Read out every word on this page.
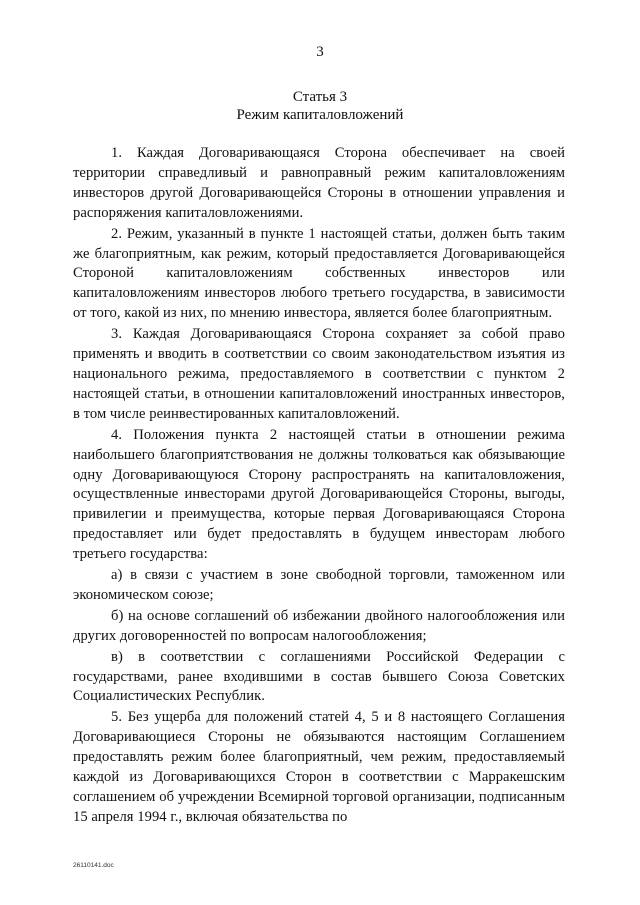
3
Статья 3
Режим капиталовложений

1. Каждая Договаривающаяся Сторона обеспечивает на своей территории справедливый и равноправный режим капиталовложениям инвесторов другой Договаривающейся Стороны в отношении управления и распоряжения капиталовложениями.

2. Режим, указанный в пункте 1 настоящей статьи, должен быть таким же благоприятным, как режим, который предоставляется Договаривающейся Стороной капиталовложениям собственных инвесторов или капиталовложениям инвесторов любого третьего государства, в зависимости от того, какой из них, по мнению инвестора, является более благоприятным.

3. Каждая Договаривающаяся Сторона сохраняет за собой право применять и вводить в соответствии со своим законодательством изъятия из национального режима, предоставляемого в соответствии с пунктом 2 настоящей статьи, в отношении капиталовложений иностранных инвесторов, в том числе реинвестированных капиталовложений.

4. Положения пункта 2 настоящей статьи в отношении режима наибольшего благоприятствования не должны толковаться как обязывающие одну Договаривающуюся Сторону распространять на капиталовложения, осуществленные инвесторами другой Договаривающейся Стороны, выгоды, привилегии и преимущества, которые первая Договаривающаяся Сторона предоставляет или будет предоставлять в будущем инвесторам любого третьего государства:

а) в связи с участием в зоне свободной торговли, таможенном или экономическом союзе;

б) на основе соглашений об избежании двойного налогообложения или других договоренностей по вопросам налогообложения;

в) в соответствии с соглашениями Российской Федерации с государствами, ранее входившими в состав бывшего Союза Советских Социалистических Республик.

5. Без ущерба для положений статей 4, 5 и 8 настоящего Соглашения Договаривающиеся Стороны не обязываются настоящим Соглашением предоставлять режим более благоприятный, чем режим, предоставляемый каждой из Договаривающихся Сторон в соответствии с Марракешским соглашением об учреждении Всемирной торговой организации, подписанным 15 апреля 1994 г., включая обязательства по

26110141.doc
